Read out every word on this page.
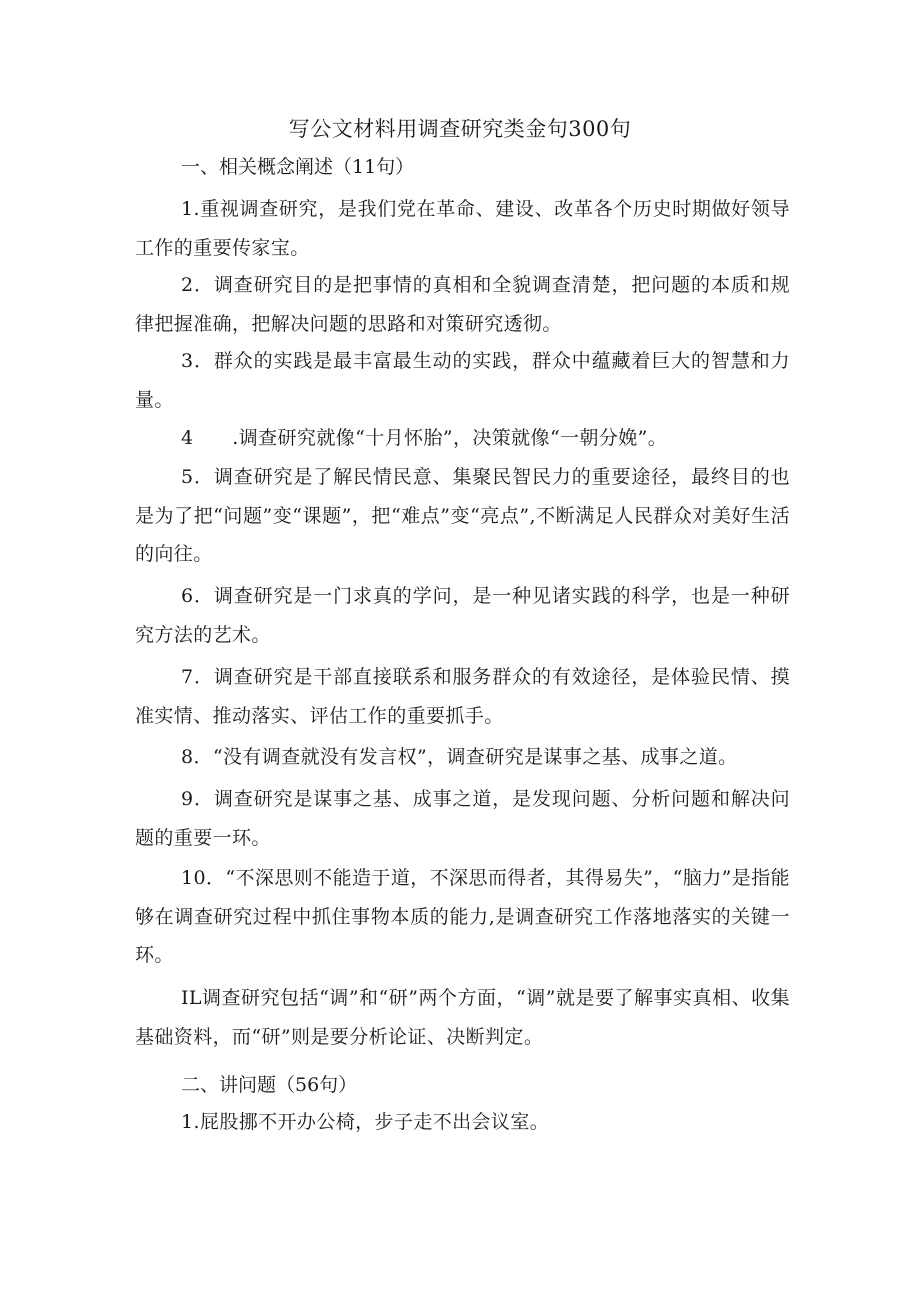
写公文材料用调查研究类金句300句
一、相关概念阐述（11句）

1.重视调查研究，是我们党在革命、建设、改革各个历史时期做好领导工作的重要传家宝。

2．调查研究目的是把事情的真相和全貌调查清楚，把问题的本质和规律把握准确，把解决问题的思路和对策研究透彻。

3．群众的实践是最丰富最生动的实践，群众中蕴藏着巨大的智慧和力量。

4　　.调查研究就像“十月怀胎”，决策就像“一朝分娩”。

5．调查研究是了解民情民意、集聚民智民力的重要途径，最终目的也是为了把“问题”变“课题”，把“难点”变“亮点”,不断满足人民群众对美好生活的向往。

6．调查研究是一门求真的学问，是一种见诸实践的科学，也是一种研究方法的艺术。

7．调查研究是干部直接联系和服务群众的有效途径，是体验民情、摸准实情、推动落实、评估工作的重要抓手。

8．“没有调查就没有发言权”，调查研究是谋事之基、成事之道。

9．调查研究是谋事之基、成事之道，是发现问题、分析问题和解决问题的重要一环。

10．“不深思则不能造于道，不深思而得者，其得易失”，“脑力”是指能够在调查研究过程中抓住事物本质的能力,是调查研究工作落地落实的关键一环。

IL调查研究包括“调”和“研”两个方面，“调”就是要了解事实真相、收集基础资料，而“研”则是要分析论证、决断判定。

二、讲问题（56句）

1.屁股挪不开办公椅，步子走不出会议室。
